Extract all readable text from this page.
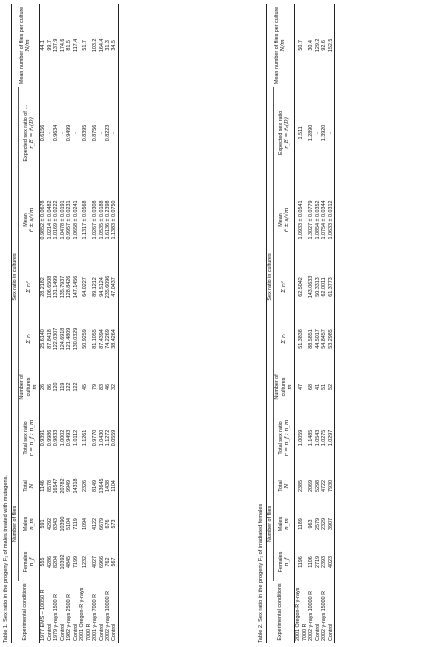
Table 1. Sex ratio in the progeny F₁ of males treated with mutagens. Experimental conditions	Number of flies			Sex ratio in cultures						Mean number of flies per culture N/m

	Females n_f	Males n_m	Total N	Total sex ratio r = n_f : n_m	Number of cultures m	Σ rᵢ	Σ rᵢ²	Mean r̄ ± s/√m	Expected sex ratio of … r_E = r̄₁(D)	

1977 EMS – 10050 R	555	591	1146	0.9391	26	25.6140	28.2182	0.9852 ± 0.0678	0.6156	44.1
Control	4286	4292	8578	0.9986	86	87.8418	106.6508	1.0214 ± 0.0482	-	99.7
1979 γ-rays 1500 R	8204	8343	16547	0.9833	120	122.0307	131.1499	1.0169 ± 0.0222	0.9634	137.9
Control	10392	10390	20782	1.0002	119	124.6918	135.7937	1.0478 ± 0.0191	-	174.6
1982 γ-rays 2500 R	4845	5104	9949	0.9493	122	121.4809	128.8426	0.9957 ± 0.0231	0.9499	81.5
Control	7199	7119	14318	1.0112	122	130.0329	147.1456	1.0658 ± 0.0241	-	117.4
2001 Oregon-R γ-rays 7000 R	1232	1094	2326	1.1261	45	50.9259	64.0227	1.1317 ± 0.0568	0.8395	51.7
2001 γ-rays 7000 R	4027	4122	8149	0.9770	79	81.1055	89.1212	1.0267 ± 0.0308	0.8756	103.2
Control	6966	6679	13645	1.0430	83	87.4394	94.5124	1.0535 ± 0.0188	-	164.4
2002 γ-rays 10000 R	762	676	1438	1.1272	46	74.2269	235.6096	1.6136 ± 0.2398	0.8223	31.3
Control	567	573	1104	0.0559	32	38.4264	47.0437	1.1383 ± 0.0750	-	34.5
Table 2. Sex ratio in the progeny F₁ of irradiated females Experimental conditions	Number of flies			Sex ratio in cultures						Mean number of flies per culture N/m

	Females n_f	Males n_m	Total N	Total sex ratio r = n_f : n_m	Number of cultures m	Σ rᵢ	Σ rᵢ²	Mean r̄ ± s/√m	Expected sex ratio r_E = r̄₂(D)	

2001 Oregon-R γ-rays 7000 R	1196	1189	2385	1.0059	47	51.3838	62.5042	1.0933 ± 0.0541	1.511	50.7
2002 γ-rays 10000 R	1106	963	2069	1.1485	68	88.5851	143.0633	1.3027 ± 0.0779	1.2890	30.4
Control	2719	2579	5298	1.0543	41	44.5017	50.3313	1.0854 ± 0.0352	-	129.2
2002 γ-rays 15000 R	2393	2329	4722	1.0275	51	54.8457	62.0011	1.0754 ± 0.0344	1.3920	92.6
Control	4023	3907	7930	1.0297	52	53.2985	61.3773	1.0633 ± 0.0312	-	152.5
